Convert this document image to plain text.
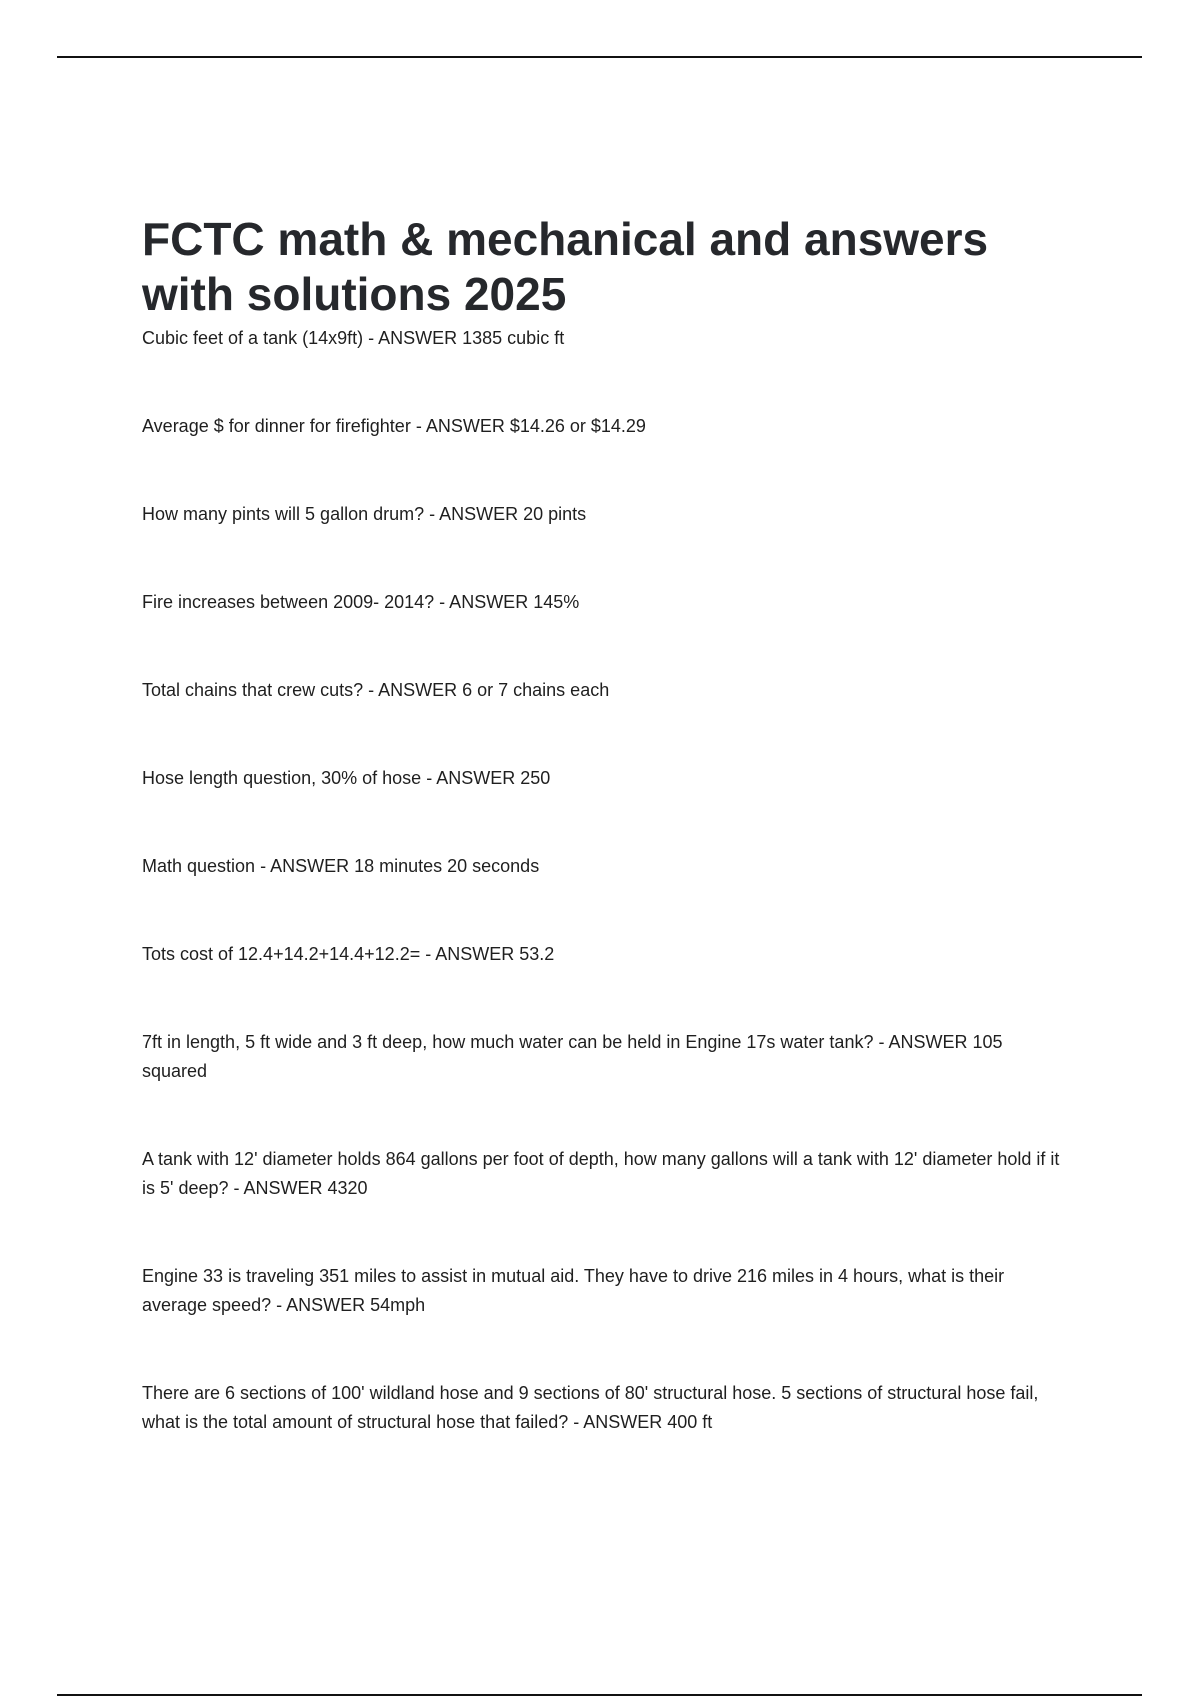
FCTC math & mechanical and answers with solutions 2025
Cubic feet of a tank (14x9ft) - ANSWER 1385 cubic ft
Average $ for dinner for firefighter - ANSWER $14.26 or $14.29
How many pints will 5 gallon drum? - ANSWER 20 pints
Fire increases between 2009- 2014? - ANSWER 145%
Total chains that crew cuts? - ANSWER 6 or 7 chains each
Hose length question, 30% of hose - ANSWER 250
Math question - ANSWER 18 minutes 20 seconds
Tots cost of 12.4+14.2+14.4+12.2= - ANSWER 53.2
7ft in length, 5 ft wide and 3 ft deep, how much water can be held in Engine 17s water tank? - ANSWER 105 squared
A tank with 12' diameter holds 864 gallons per foot of depth, how many gallons will a tank with 12' diameter hold if it is 5' deep? - ANSWER 4320
Engine 33 is traveling 351 miles to assist in mutual aid. They have to drive 216 miles in 4 hours, what is their average speed? - ANSWER 54mph
There are 6 sections of 100' wildland hose and 9 sections of 80' structural hose. 5 sections of structural hose fail, what is the total amount of structural hose that failed? - ANSWER 400 ft
